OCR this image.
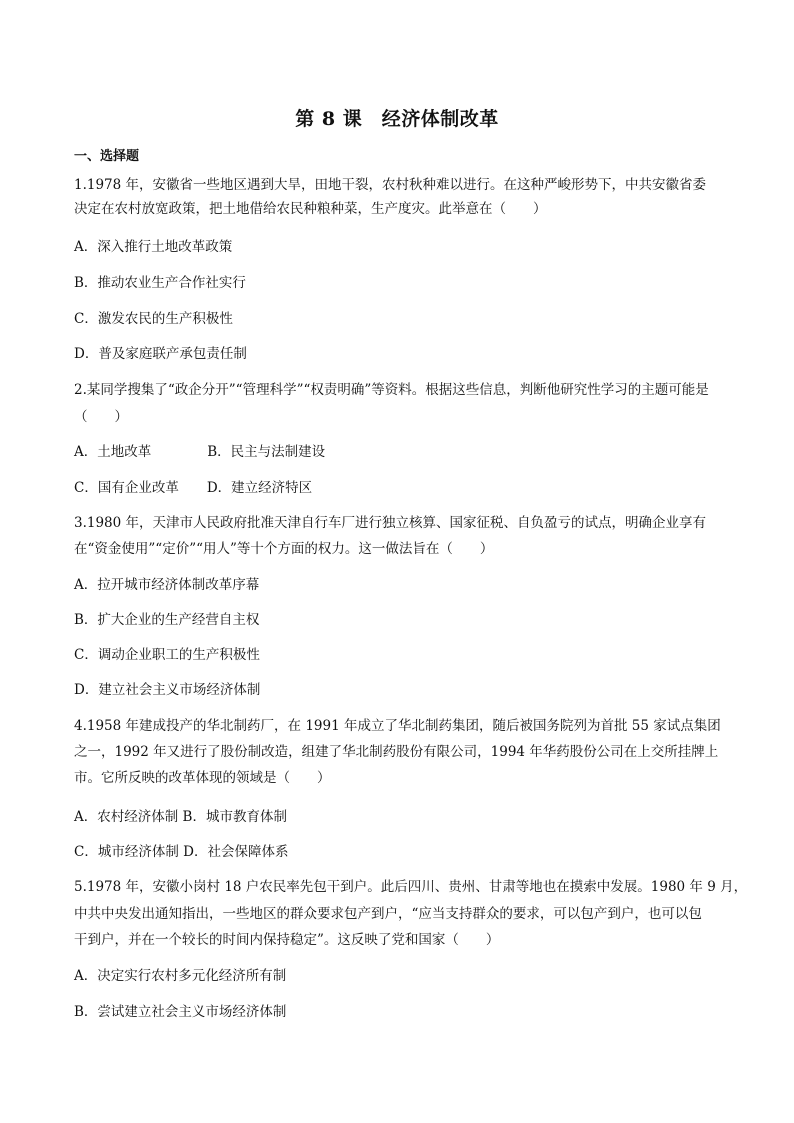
第 8 课　经济体制改革
一、选择题
1.1978 年，安徽省一些地区遇到大旱，田地干裂，农村秋种难以进行。在这种严峻形势下，中共安徽省委
决定在农村放宽政策，把土地借给农民种粮种菜，生产度灾。此举意在（　　）
A．深入推行土地改革政策
B．推动农业生产合作社实行
C．激发农民的生产积极性
D．普及家庭联产承包责任制
2.某同学搜集了“政企分开”“管理科学”“权责明确”等资料。根据这些信息，判断他研究性学习的主题可能是
（　　）
A．土地改革	B．民主与法制建设
C．国有企业改革 D．建立经济特区
3.1980 年，天津市人民政府批准天津自行车厂进行独立核算、国家征税、自负盈亏的试点，明确企业享有
在“资金使用”“定价”“用人”等十个方面的权力。这一做法旨在（　　）
A．拉开城市经济体制改革序幕
B．扩大企业的生产经营自主权
C．调动企业职工的生产积极性
D．建立社会主义市场经济体制
4.1958 年建成投产的华北制药厂，在 1991 年成立了华北制药集团，随后被国务院列为首批 55 家试点集团
之一，1992 年又进行了股份制改造，组建了华北制药股份有限公司，1994 年华药股份公司在上交所挂牌上
市。它所反映的改革体现的领域是（　　）
A．农村经济体制 B．城市教育体制
C．城市经济体制 D．社会保障体系
5.1978 年，安徽小岗村 18 户农民率先包干到户。此后四川、贵州、甘肃等地也在摸索中发展。1980 年 9 月，
中共中央发出通知指出，一些地区的群众要求包产到户，“应当支持群众的要求，可以包产到户，也可以包
干到户，并在一个较长的时间内保持稳定”。这反映了党和国家（　　）
A．决定实行农村多元化经济所有制
B．尝试建立社会主义市场经济体制
